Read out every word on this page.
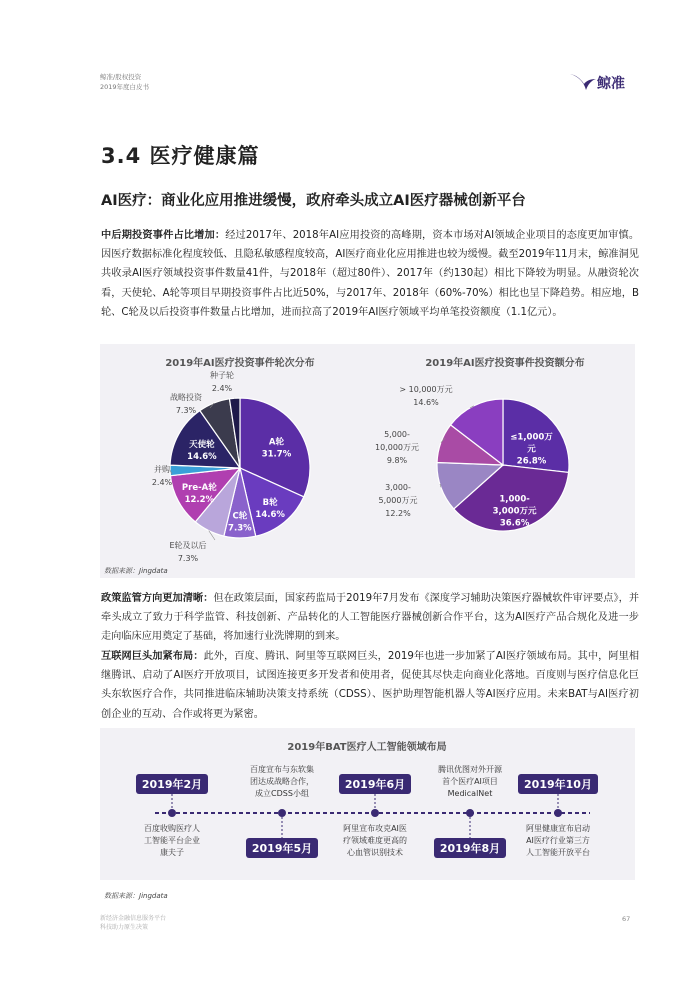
鲸准/股权投资
2019年度白皮书	鲸准
3.4 医疗健康篇
AI医疗：商业化应用推进缓慢，政府牵头成立AI医疗器械创新平台
中后期投资事件占比增加：经过2017年、2018年AI应用投资的高峰期，资本市场对AI领域企业项目的态度更加审慎。因医疗数据标准化程度较低、且隐私敏感程度较高，AI医疗商业化应用推进也较为缓慢。截至2019年11月末，鲸准洞见共收录AI医疗领域投资事件数量41件，与2018年（超过80件）、2017年（约130起）相比下降较为明显。从融资轮次看，天使轮、A轮等项目早期投资事件占比近50%，与2017年、2018年（60%-70%）相比也呈下降趋势。相应地，B轮、C轮及以后投资事件数量占比增加，进而拉高了2019年AI医疗领域平均单笔投资额度（1.1亿元）。
2019年AI医疗投资事件轮次分布	2019年AI医疗投资事件投资额分布
A轮
31.7%
B轮
14.6%
C轮
7.3%
E轮及以后
7.3%
Pre-A轮
12.2%
并购
2.4%
天使轮
14.6%
战略投资
7.3%
种子轮
2.4%
≤1,000万
元
26.8%
1,000-
3,000万元
36.6%
3,000-
5,000万元
12.2%
5,000-
10,000万元
9.8%
> 10,000万元
14.6%
数据来源：Jingdata
政策监管方向更加清晰：但在政策层面，国家药监局于2019年7月发布《深度学习辅助决策医疗器械软件审评要点》，并牵头成立了致力于科学监管、科技创新、产品转化的人工智能医疗器械创新合作平台，这为AI医疗产品合规化及进一步走向临床应用奠定了基础，将加速行业洗牌期的到来。
互联网巨头加紧布局：此外，百度、腾讯、阿里等互联网巨头，2019年也进一步加紧了AI医疗领域布局。其中，阿里相继腾讯、启动了AI医疗开放项目，试图连接更多开发者和使用者，促使其尽快走向商业化落地。百度则与医疗信息化巨头东软医疗合作，共同推进临床辅助决策支持系统（CDSS）、医护助理智能机器人等AI医疗应用。未来BAT与AI医疗初创企业的互动、合作或将更为紧密。
2019年BAT医疗人工智能领域布局
2019年2月
百度收购医疗人
工智能平台企业
康夫子	2019年5月
百度宣布与东软集
团达成战略合作，
成立CDSS小组
2019年6月
阿里宣布攻克AI医
疗领域难度更高的
心血管识别技术	2019年8月
腾讯优图对外开源
首个医疗AI项目
MedicalNet
2019年10月
阿里健康宣布启动
AI医疗行业第三方
人工智能开放平台
数据来源：Jingdata
新经济金融信息服务平台
科技助力原生决策
67
